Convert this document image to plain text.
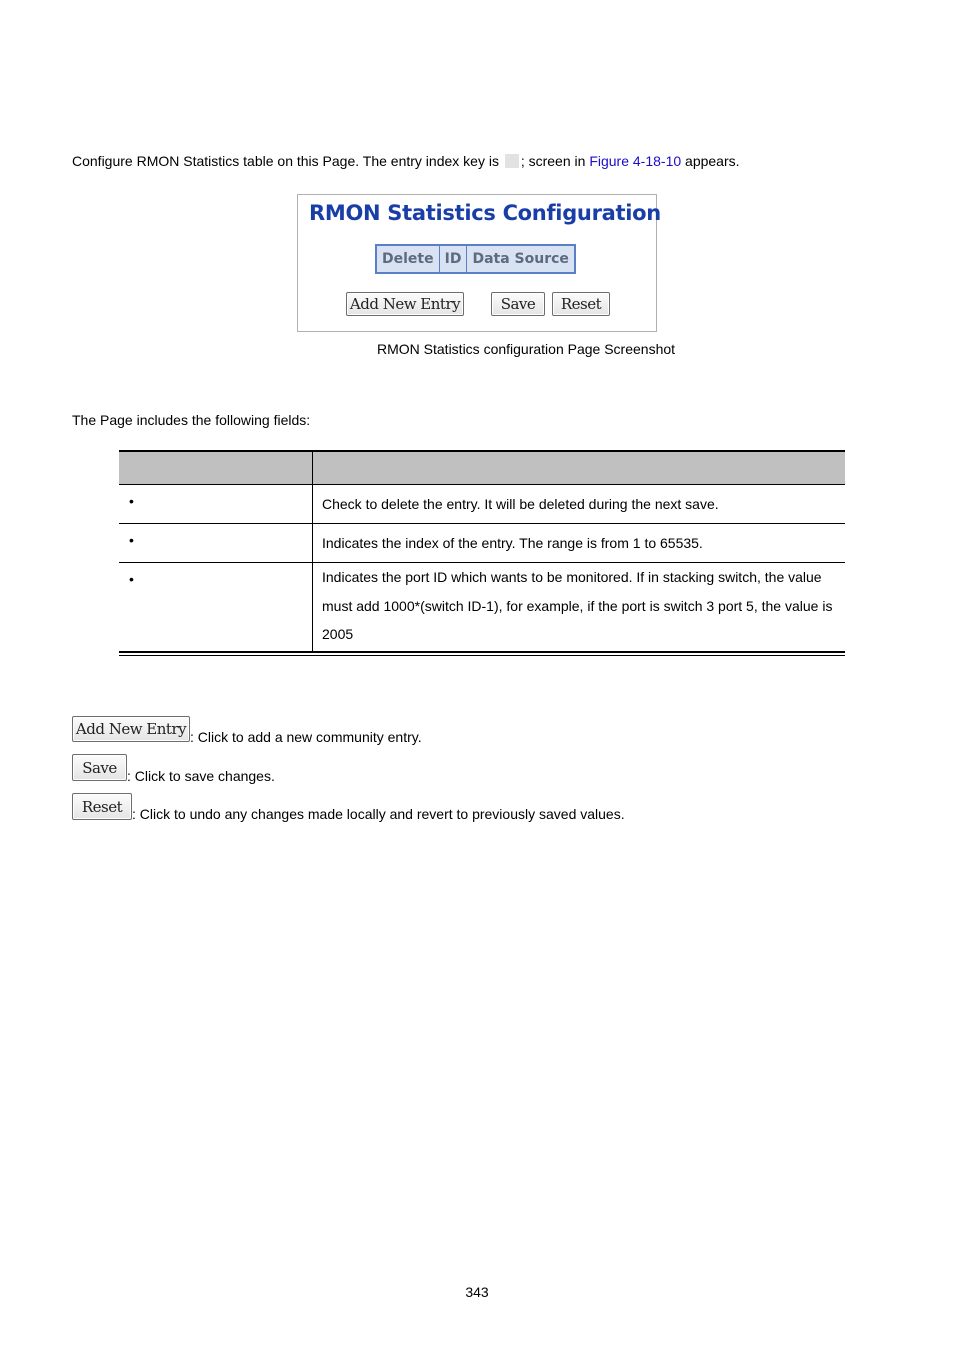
Configure RMON Statistics table on this Page. The entry index key is ; screen in Figure 4-18-10 appears.
RMON Statistics Configuration
Delete	ID	Data Source
Add New Entry	Save	Reset
RMON Statistics configuration Page Screenshot
The Page includes the following fields:
•	Check to delete the entry. It will be deleted during the next save.
•	Indicates the index of the entry. The range is from 1 to 65535.
•	Indicates the port ID which wants to be monitored. If in stacking switch, the value must add 1000*(switch ID-1), for example, if the port is switch 3 port 5, the value is 2005
Add New Entry : Click to add a new community entry.
Save : Click to save changes.
Reset : Click to undo any changes made locally and revert to previously saved values.
343
